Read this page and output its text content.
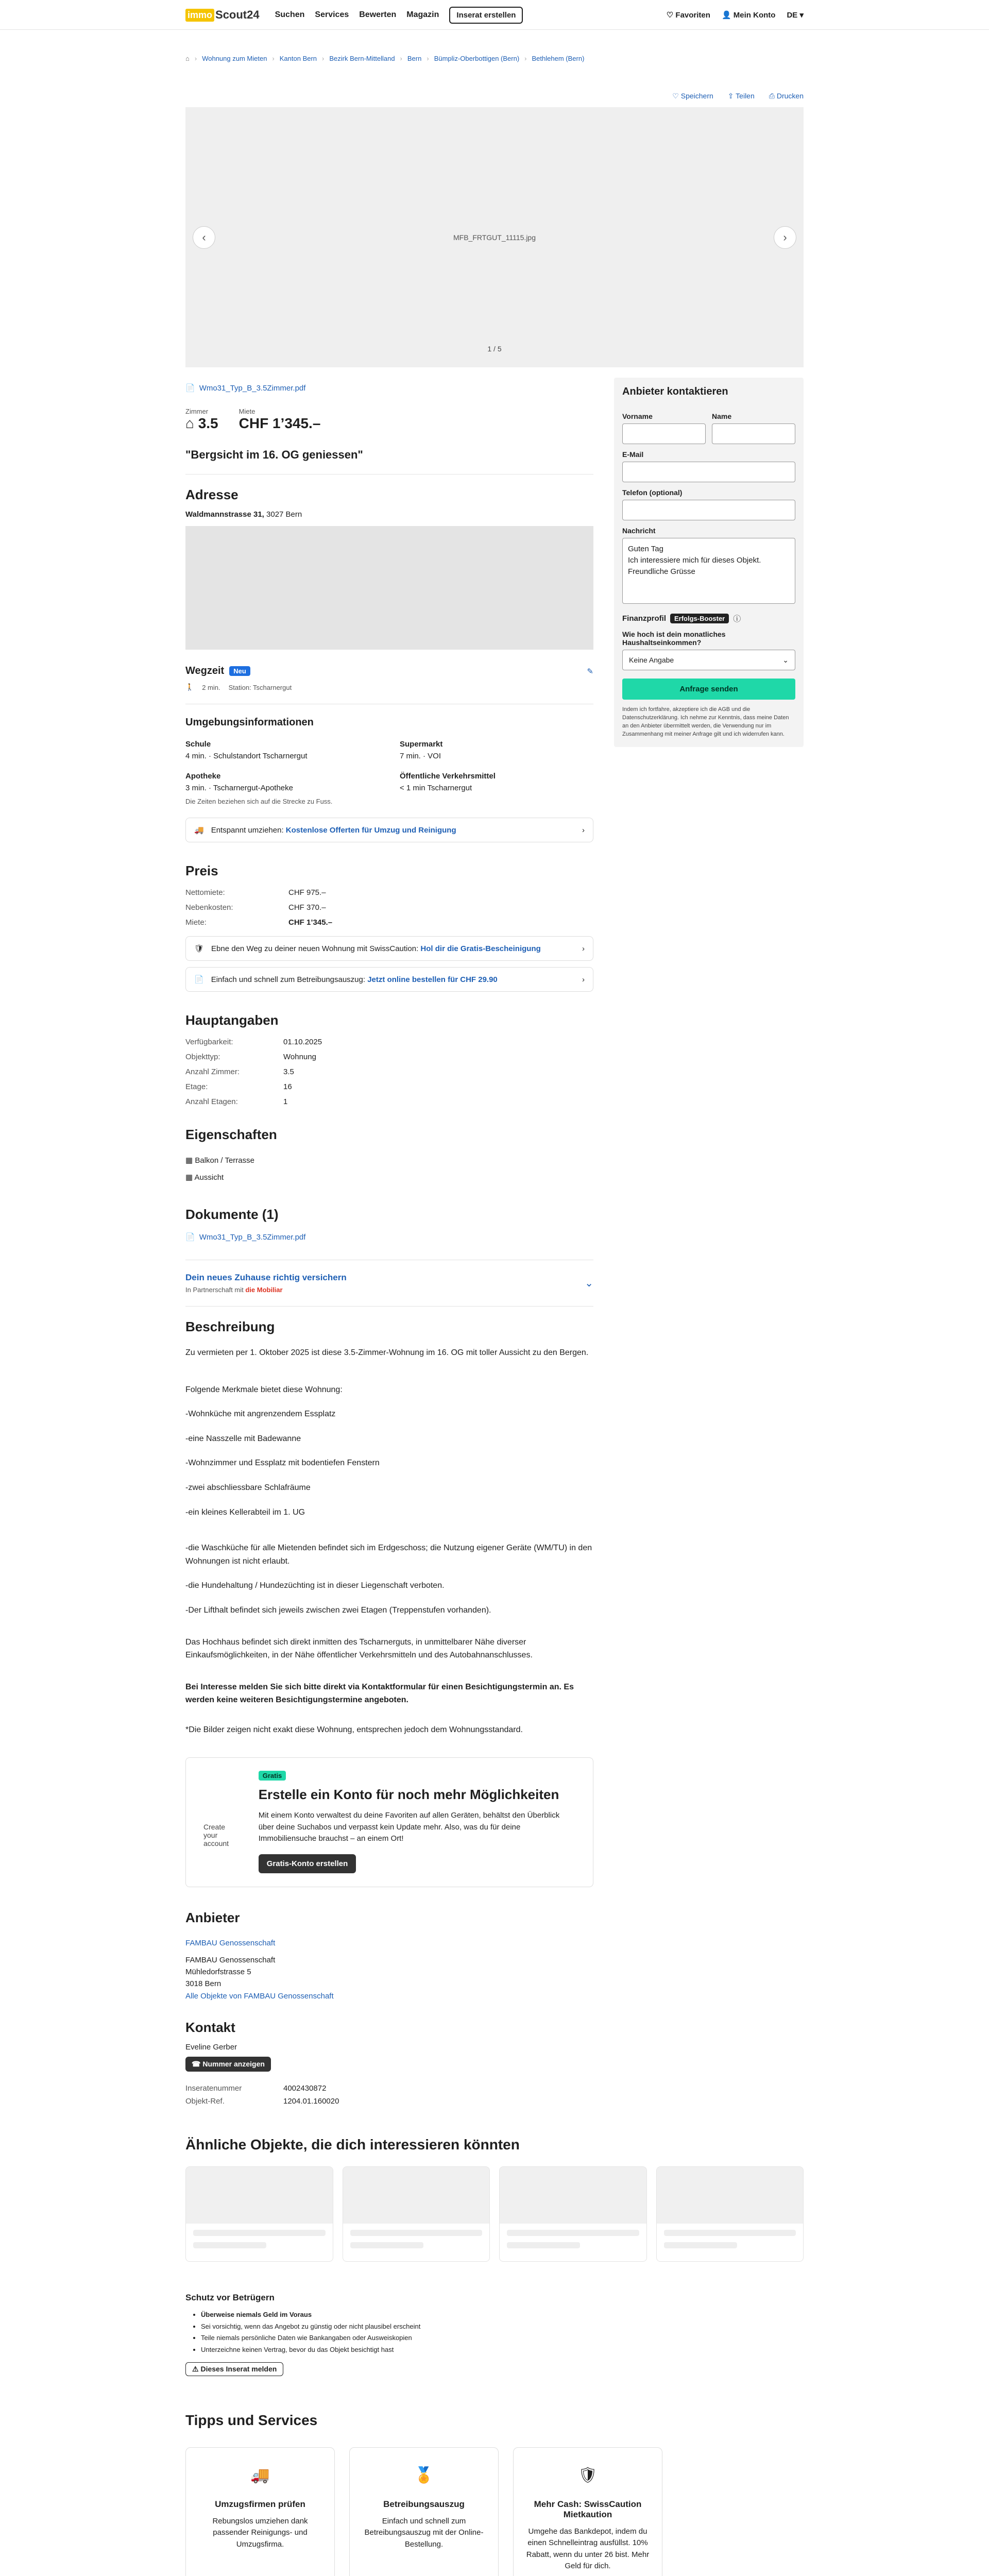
immo Scout24 Suchen Services Bewerten Magazin	Inserat erstellen	♡ Favoriten 👤 Mein Konto DE ▾
⌂ › Wohnung zum Mieten › Kanton Bern › Bezirk Bern-Mittelland › Bern › Bümpliz-Oberbottigen (Bern) › Bethlehem (Bern)
♡ Speichern ⇪ Teilen ⎙ Drucken
MFB_FRTGUT_11115.jpg
‹	›
1 / 5
📄 Wmo31_Typ_B_3.5Zimmer.pdf
Zimmer
⌂ 3.5
Miete
CHF 1’345.–
"Bergsicht im 16. OG geniessen"
Adresse
Waldmannstrasse 31, 3027 Bern
Wegzeit	Neu	✎
🚶 2 min. Station: Tscharnergut
Umgebungsinformationen
Schule
4 min. · Schulstandort Tscharnergut
Supermarkt
7 min. · VOI
Apotheke
3 min. · Tscharnergut-Apotheke
Öffentliche Verkehrsmittel
< 1 min Tscharnergut
Die Zeiten beziehen sich auf die Strecke zu Fuss.
🚚 Entspannt umziehen: Kostenlose Offerten für Umzug und Reinigung	›
Preis
Nettomiete:	CHF 975.–
Nebenkosten:	CHF 370.–
Miete:	CHF 1’345.–
🛡 Ebne den Weg zu deiner neuen Wohnung mit SwissCaution: Hol dir die Gratis-Bescheinigung	›
📄 Einfach und schnell zum Betreibungsauszug: Jetzt online bestellen für CHF 29.90	›
Hauptangaben
Verfügbarkeit:	01.10.2025
Objekttyp:	Wohnung
Anzahl Zimmer:	3.5
Etage:	16
Anzahl Etagen:	1
Eigenschaften
▦ Balkon / Terrasse
▦ Aussicht
Dokumente (1)
📄 Wmo31_Typ_B_3.5Zimmer.pdf
Dein neues Zuhause richtig versichern
In Partnerschaft mit die Mobiliar
⌄
Beschreibung

Zu vermieten per 1. Oktober 2025 ist diese 3.5-Zimmer-Wohnung im 16. OG mit toller Aussicht zu den Bergen.

Folgende Merkmale bietet diese Wohnung:

-Wohnküche mit angrenzendem Essplatz

-eine Nasszelle mit Badewanne

-Wohnzimmer und Essplatz mit bodentiefen Fenstern

-zwei abschliessbare Schlafräume

-ein kleines Kellerabteil im 1. UG

-die Waschküche für alle Mietenden befindet sich im Erdgeschoss; die Nutzung eigener Geräte (WM/TU) in den Wohnungen ist nicht erlaubt.

-die Hundehaltung / Hundezüchting ist in dieser Liegenschaft verboten.

-Der Lifthalt befindet sich jeweils zwischen zwei Etagen (Treppenstufen vorhanden).

Das Hochhaus befindet sich direkt inmitten des Tscharnerguts, in unmittelbarer Nähe diverser Einkaufsmöglichkeiten, in der Nähe öffentlicher Verkehrsmitteln und des Autobahnanschlusses.

Bei Interesse melden Sie sich bitte direkt via Kontaktformular für einen Besichtigungstermin an. Es werden keine weiteren Besichtigungstermine angeboten.

*Die Bilder zeigen nicht exakt diese Wohnung, entsprechen jedoch dem Wohnungsstandard.

Create your account
Gratis
Erstelle ein Konto für noch mehr Möglichkeiten

Mit einem Konto verwaltest du deine Favoriten auf allen Geräten, behältst den Überblick über deine Suchabos und verpasst kein Update mehr. Also, was du für deine Immobiliensuche brauchst – an einem Ort!

Gratis-Konto erstellen
Anbieter
FAMBAU Genossenschaft
FAMBAU Genossenschaft
Mühledorfstrasse 5
3018 Bern
Alle Objekte von FAMBAU Genossenschaft
Kontakt
Eveline Gerber
☎ Nummer anzeigen
Inseratenummer	4002430872
Objekt-Ref.	1204.01.160020
Anbieter kontaktieren
Vorname	Name
E-Mail
Telefon (optional)
Nachricht
Guten Tag
Ich interessiere mich für dieses Objekt.
Freundliche Grüsse
Finanzprofil	Erfolgs-Booster	ⓘ
Wie hoch ist dein monatliches Haushaltseinkommen?
Keine Angabe	⌄
Anfrage senden

Indem ich fortfahre, akzeptiere ich die AGB und die Datenschutzerklärung. Ich nehme zur Kenntnis, dass meine Daten an den Anbieter übermittelt werden, die Verwendung nur im Zusammenhang mit meiner Anfrage gilt und ich widerrufen kann.

Ähnliche Objekte, die dich interessieren könnten
Schutz vor Betrügern
• Überweise niemals Geld im Voraus
• Sei vorsichtig, wenn das Angebot zu günstig oder nicht plausibel erscheint
• Teile niemals persönliche Daten wie Bankangaben oder Ausweiskopien
• Unterzeichne keinen Vertrag, bevor du das Objekt besichtigt hast
⚠ Dieses Inserat melden
Tipps und Services
🚚
Umzugsfirmen prüfen

Rebungslos umziehen dank passender Reinigungs- und Umzugsfirma.

🏅
Betreibungsauszug

Einfach und schnell zum Betreibungsauszug mit der Online-Bestellung.

🛡
Mehr Cash: SwissCaution Mietkaution

Umgehe das Bankdepot, indem du einen Schnelleintrag ausfüllst. 10% Rabatt, wenn du unter 26 bist. Mehr Geld für dich.
